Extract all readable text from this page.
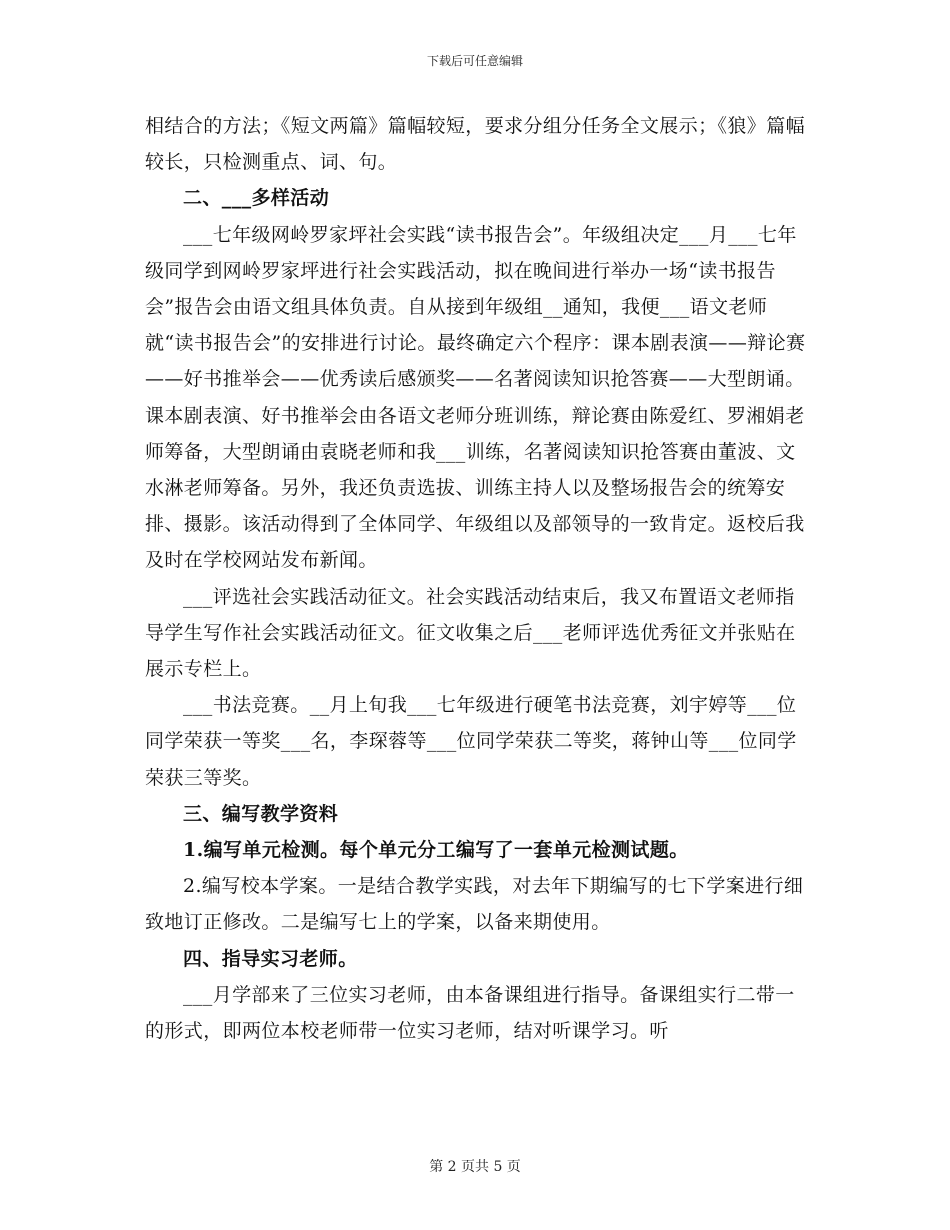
下载后可任意编辑

相结合的方法；《短文两篇》篇幅较短，要求分组分任务全文展示；《狼》篇幅较长，只检测重点、词、句。

二、___多样活动

___七年级网岭罗家坪社会实践“读书报告会”。年级组决定___月___七年级同学到网岭罗家坪进行社会实践活动，拟在晚间进行举办一场“读书报告会”报告会由语文组具体负责。自从接到年级组__通知，我便___语文老师就“读书报告会”的安排进行讨论。最终确定六个程序：课本剧表演——辩论赛——好书推举会——优秀读后感颁奖——名著阅读知识抢答赛——大型朗诵。课本剧表演、好书推举会由各语文老师分班训练，辩论赛由陈爱红、罗湘娟老师筹备，大型朗诵由袁晓老师和我___训练，名著阅读知识抢答赛由董波、文水淋老师筹备。另外，我还负责选拔、训练主持人以及整场报告会的统筹安排、摄影。该活动得到了全体同学、年级组以及部领导的一致肯定。返校后我及时在学校网站发布新闻。

___评选社会实践活动征文。社会实践活动结束后，我又布置语文老师指导学生写作社会实践活动征文。征文收集之后___老师评选优秀征文并张贴在展示专栏上。

___书法竞赛。__月上旬我___七年级进行硬笔书法竞赛，刘宇婷等___位同学荣获一等奖___名，李琛蓉等___位同学荣获二等奖，蒋钟山等___位同学荣获三等奖。

三、编写教学资料

1.编写单元检测。每个单元分工编写了一套单元检测试题。

2.编写校本学案。一是结合教学实践，对去年下期编写的七下学案进行细致地订正修改。二是编写七上的学案，以备来期使用。

四、指导实习老师。

___月学部来了三位实习老师，由本备课组进行指导。备课组实行二带一的形式，即两位本校老师带一位实习老师，结对听课学习。听

第 2 页共 5 页
